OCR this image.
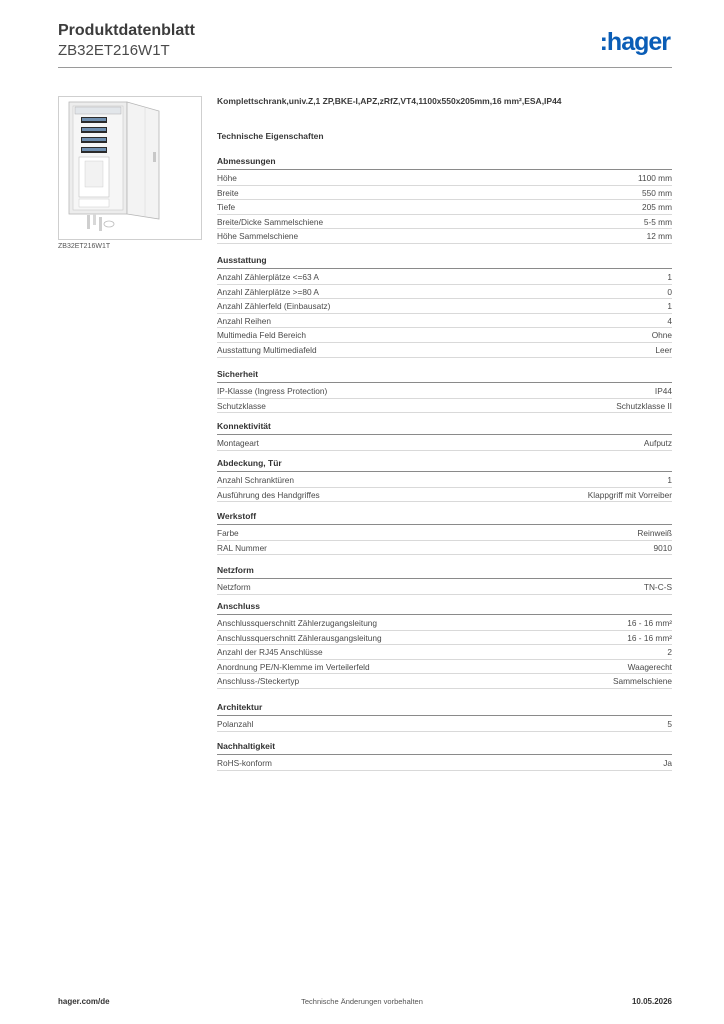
Produktdatenblatt
ZB32ET216W1T	:hager
ZB32ET216W1T
Komplettschrank,univ.Z,1 ZP,BKE-I,APZ,zRfZ,VT4,1100x550x205mm,16 mm²,ESA,IP44
Technische Eigenschaften
Abmessungen
Höhe	1100 mm
Breite	550 mm
Tiefe	205 mm
Breite/Dicke Sammelschiene	5-5 mm
Höhe Sammelschiene	12 mm
Ausstattung
Anzahl Zählerplätze <=63 A	1
Anzahl Zählerplätze >=80 A	0
Anzahl Zählerfeld (Einbausatz)	1
Anzahl Reihen	4
Multimedia Feld Bereich	Ohne
Ausstattung Multimediafeld	Leer
Sicherheit
IP-Klasse (Ingress Protection)	IP44
Schutzklasse	Schutzklasse II
Konnektivität
Montageart	Aufputz
Abdeckung, Tür
Anzahl Schranktüren	1
Ausführung des Handgriffes	Klappgriff mit Vorreiber
Werkstoff
Farbe	Reinweiß
RAL Nummer	9010
Netzform
Netzform	TN-C-S
Anschluss
Anschlussquerschnitt Zählerzugangsleitung	16 - 16 mm²
Anschlussquerschnitt Zählerausgangsleitung	16 - 16 mm²
Anzahl der RJ45 Anschlüsse	2
Anordnung PE/N-Klemme im Verteilerfeld	Waagerecht
Anschluss-/Steckertyp	Sammelschiene
Architektur
Polanzahl	5
Nachhaltigkeit
RoHS-konform	Ja
hager.com/de	Technische Änderungen vorbehalten	10.05.2026
